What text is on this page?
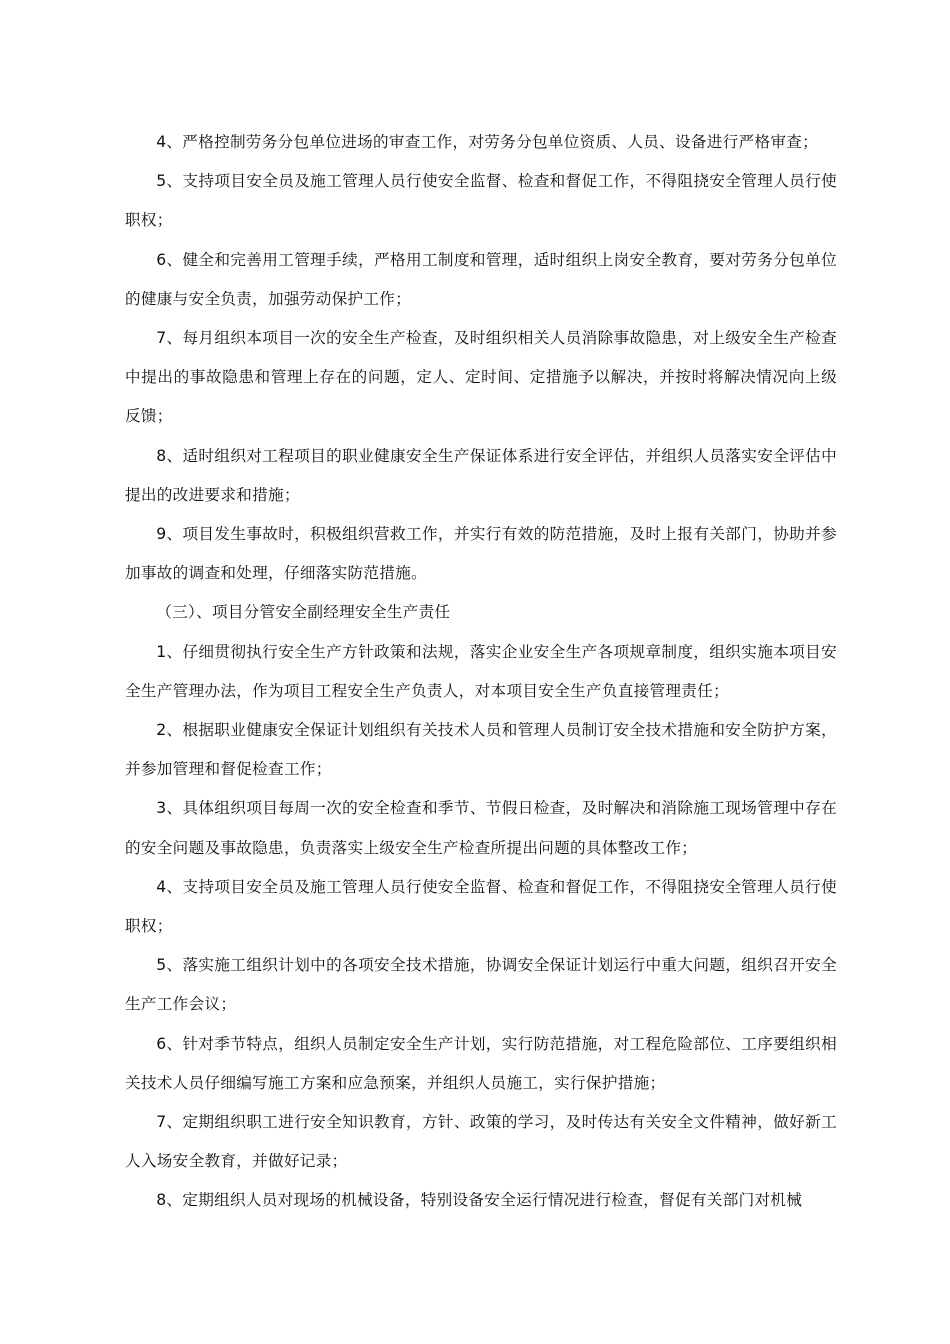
4、严格控制劳务分包单位进场的审查工作，对劳务分包单位资质、人员、设备进行严格审查；

5、支持项目安全员及施工管理人员行使安全监督、检查和督促工作，不得阻挠安全管理人员行使职权；

6、健全和完善用工管理手续，严格用工制度和管理，适时组织上岗安全教育，要对劳务分包单位的健康与安全负责，加强劳动保护工作；

7、每月组织本项目一次的安全生产检查，及时组织相关人员消除事故隐患，对上级安全生产检查中提出的事故隐患和管理上存在的问题，定人、定时间、定措施予以解决，并按时将解决情况向上级反馈；

8、适时组织对工程项目的职业健康安全生产保证体系进行安全评估，并组织人员落实安全评估中提出的改进要求和措施；

9、项目发生事故时，积极组织营救工作，并实行有效的防范措施，及时上报有关部门，协助并参加事故的调查和处理，仔细落实防范措施。

（三）、项目分管安全副经理安全生产责任

1、仔细贯彻执行安全生产方针政策和法规，落实企业安全生产各项规章制度，组织实施本项目安全生产管理办法，作为项目工程安全生产负责人，对本项目安全生产负直接管理责任；

2、根据职业健康安全保证计划组织有关技术人员和管理人员制订安全技术措施和安全防护方案，并参加管理和督促检查工作；

3、具体组织项目每周一次的安全检查和季节、节假日检查，及时解决和消除施工现场管理中存在的安全问题及事故隐患，负责落实上级安全生产检查所提出问题的具体整改工作；

4、支持项目安全员及施工管理人员行使安全监督、检查和督促工作，不得阻挠安全管理人员行使职权；

5、落实施工组织计划中的各项安全技术措施，协调安全保证计划运行中重大问题，组织召开安全生产工作会议；

6、针对季节特点，组织人员制定安全生产计划，实行防范措施，对工程危险部位、工序要组织相关技术人员仔细编写施工方案和应急预案，并组织人员施工，实行保护措施；

7、定期组织职工进行安全知识教育，方针、政策的学习，及时传达有关安全文件精神，做好新工人入场安全教育，并做好记录；

8、定期组织人员对现场的机械设备，特别设备安全运行情况进行检查，督促有关部门对机械
